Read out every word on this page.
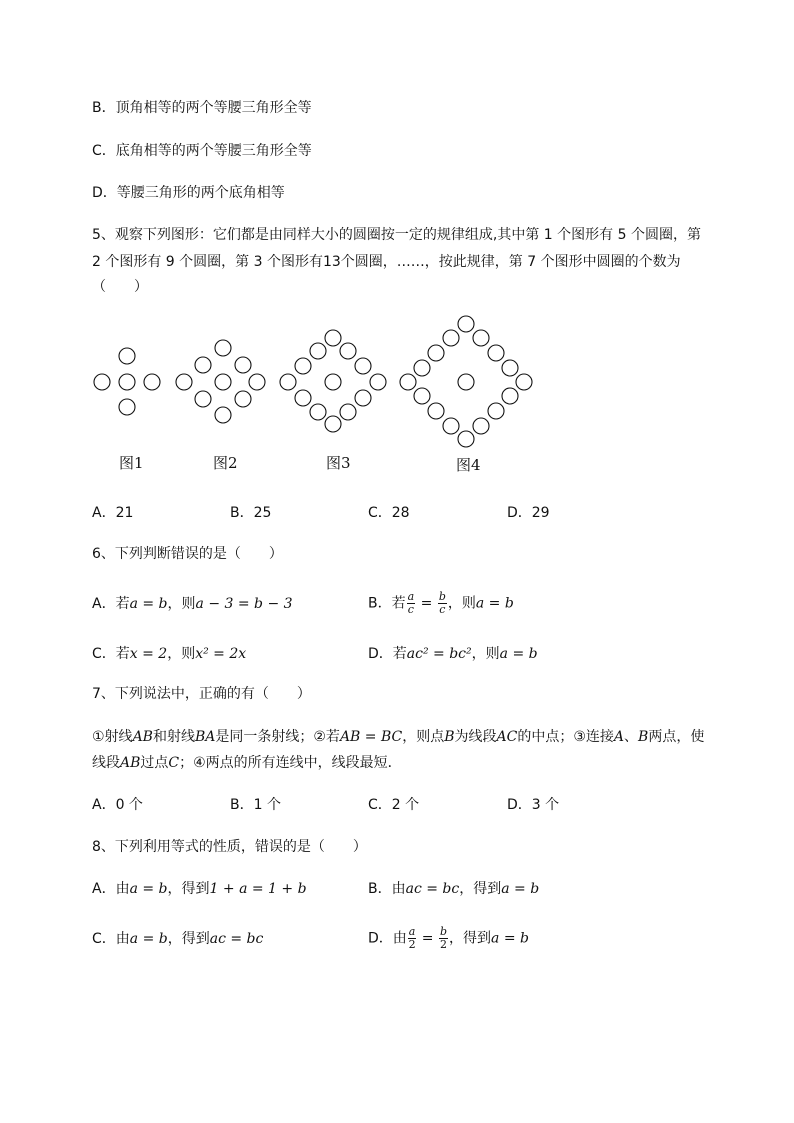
B．顶角相等的两个等腰三角形全等
C．底角相等的两个等腰三角形全等
D．等腰三角形的两个底角相等
5、观察下列图形：它们都是由同样大小的圆圈按一定的规律组成,其中第 1 个图形有 5 个圆圈，第
2 个图形有 9 个圆圈，第 3 个图形有13个圆圈，……，按此规律，第 7 个图形中圆圈的个数为
（　　）
图1	图2	图3	图4
A．21	B．25	C．28	D．29
6、下列判断错误的是（　　）
A．若a = b，则a − 3 = b − 3	B．若 $\frac{a}{c} = \frac{b}{c}$ ，则a = b
C．若x = 2，则x² = 2x	D．若ac² = bc²，则a = b
7、下列说法中，正确的有（　　）
①射线AB和射线BA是同一条射线；②若AB = BC，则点B为线段AC的中点；③连接A、B两点，使
线段AB过点C；④两点的所有连线中，线段最短．
A．0 个	B．1 个	C．2 个	D．3 个
8、下列利用等式的性质，错误的是（　　）
A．由a = b，得到1 + a = 1 + b	B．由ac = bc，得到a = b
C．由a = b，得到ac = bc	D．由 $\frac{a}{2} = \frac{b}{2}$ ，得到a = b
